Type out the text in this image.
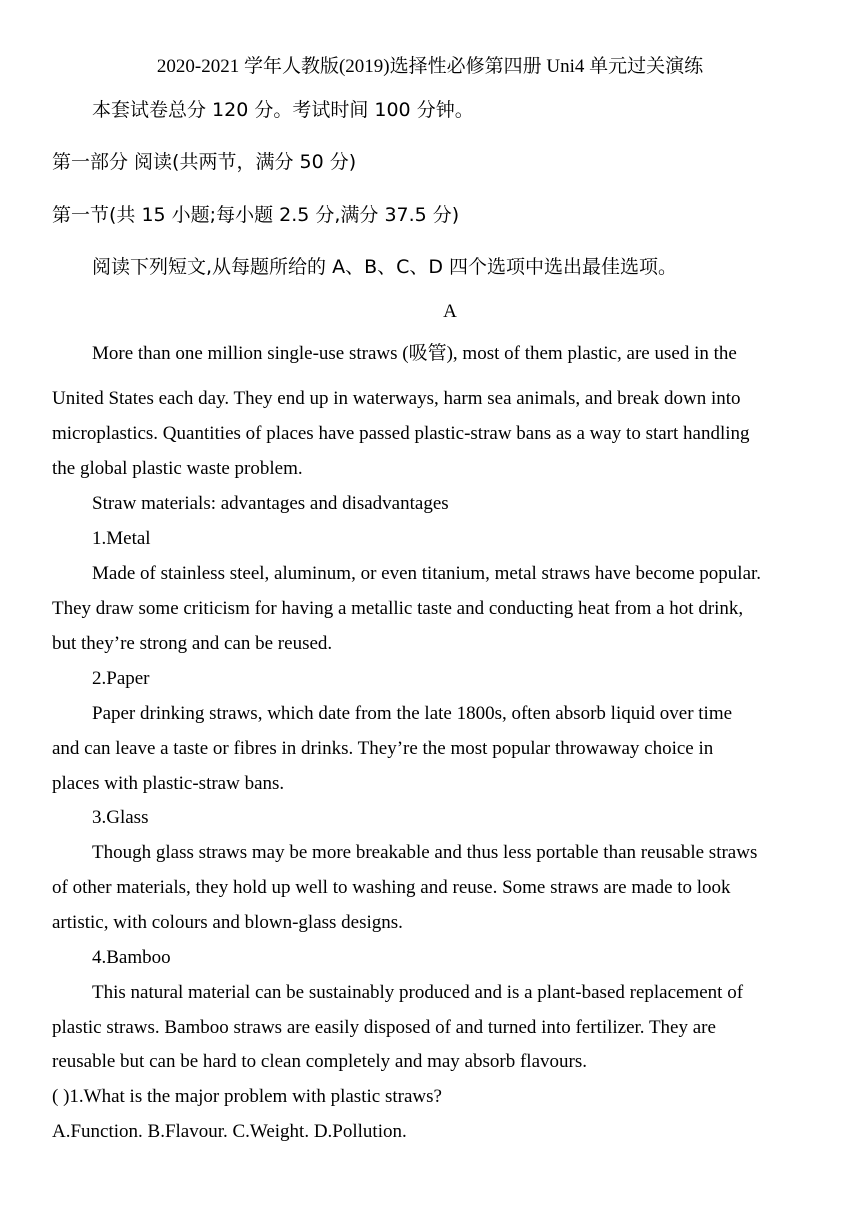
2020-2021 学年人教版(2019)选择性必修第四册 Uni4 单元过关演练
本套试卷总分 120 分。考试时间 100 分钟。
第一部分 阅读(共两节，满分 50 分)
第一节(共 15 小题;每小题 2.5 分,满分 37.5 分)
阅读下列短文,从每题所给的 A、B、C、D 四个选项中选出最佳选项。
A
More than one million single-use straws (吸管), most of them plastic, are used in the
United States each day. They end up in waterways, harm sea animals, and break down into
microplastics. Quantities of places have passed plastic-straw bans as a way to start handling
the global plastic waste problem.
Straw materials: advantages and disadvantages
1.Metal
Made of stainless steel, aluminum, or even titanium, metal straws have become popular.
They draw some criticism for having a metallic taste and conducting heat from a hot drink,
but they’re strong and can be reused.
2.Paper
Paper drinking straws, which date from the late 1800s, often absorb liquid over time
and can leave a taste or fibres in drinks. They’re the most popular throwaway choice in
places with plastic-straw bans.
3.Glass
Though glass straws may be more breakable and thus less portable than reusable straws
of other materials, they hold up well to washing and reuse. Some straws are made to look
artistic, with colours and blown-glass designs.
4.Bamboo
This natural material can be sustainably produced and is a plant-based replacement of
plastic straws. Bamboo straws are easily disposed of and turned into fertilizer. They are
reusable but can be hard to clean completely and may absorb flavours.
( )1.What is the major problem with plastic straws?
A.Function. B.Flavour. C.Weight. D.Pollution.
